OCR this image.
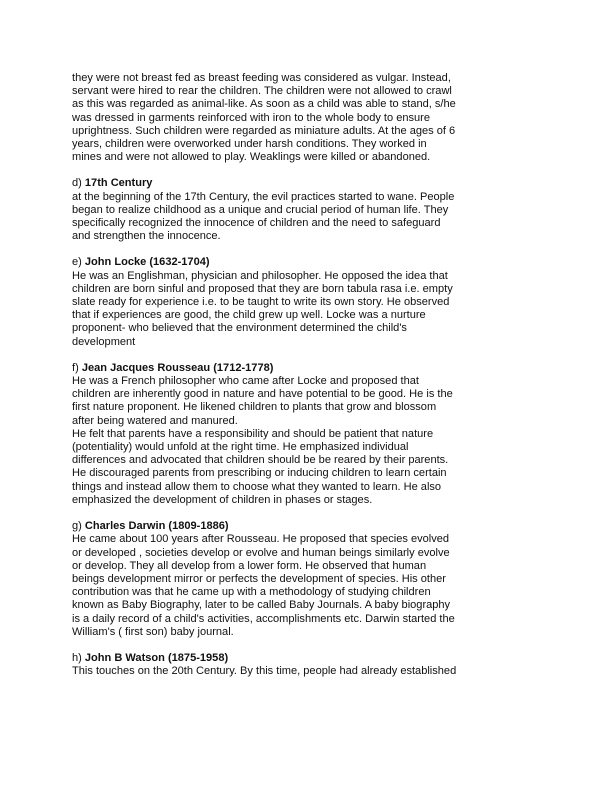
they were not breast fed as breast feeding was considered as vulgar. Instead,
servant were hired to rear the children. The children were not allowed to crawl
as this was regarded as animal-like. As soon as a child was able to stand, s/he
was dressed in garments reinforced with iron to the whole body to ensure
uprightness. Such children were regarded as miniature adults. At the ages of 6
years, children were overworked under harsh conditions. They worked in
mines and were not allowed to play. Weaklings were killed or abandoned.

d) 17th Century
at the beginning of the 17th Century, the evil practices started to wane. People
began to realize childhood as a unique and crucial period of human life. They
specifically recognized the innocence of children and the need to safeguard
and strengthen the innocence.
e) John Locke (1632-1704)
He was an Englishman, physician and philosopher. He opposed the idea that
children are born sinful and proposed that they are born tabula rasa i.e. empty
slate ready for experience i.e. to be taught to write its own story. He observed
that if experiences are good, the child grew up well. Locke was a nurture
proponent- who believed that the environment determined the child's
development
f) Jean Jacques Rousseau (1712-1778)
He was a French philosopher who came after Locke and proposed that
children are inherently good in nature and have potential to be good. He is the
first nature proponent. He likened children to plants that grow and blossom
after being watered and manured.
He felt that parents have a responsibility and should be patient that nature
(potentiality) would unfold at the right time. He emphasized individual
differences and advocated that children should be be reared by their parents.
He discouraged parents from prescribing or inducing children to learn certain
things and instead allow them to choose what they wanted to learn. He also
emphasized the development of children in phases or stages.
g) Charles Darwin (1809-1886)
He came about 100 years after Rousseau. He proposed that species evolved
or developed , societies develop or evolve and human beings similarly evolve
or develop. They all develop from a lower form. He observed that human
beings development mirror or perfects the development of species. His other
contribution was that he came up with a methodology of studying children
known as Baby Biography, later to be called Baby Journals. A baby biography
is a daily record of a child's activities, accomplishments etc. Darwin started the
William's ( first son) baby journal.
h) John B Watson (1875-1958)
This touches on the 20th Century. By this time, people had already established
